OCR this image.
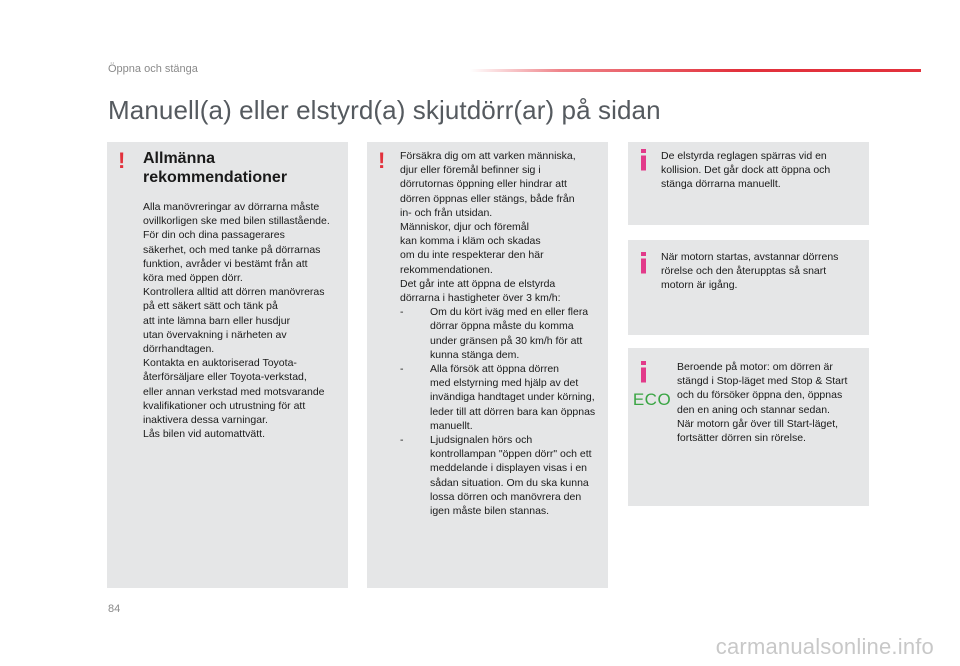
Öppna och stänga
Manuell(a) eller elstyrd(a) skjutdörr(ar) på sidan
! Allmänna
rekommendationer

Alla manövreringar av dörrarna måste

ovillkorligen ske med bilen stillastående.

För din och dina passagerares

säkerhet, och med tanke på dörrarnas

funktion, avråder vi bestämt från att

köra med öppen dörr.

Kontrollera alltid att dörren manövreras

på ett säkert sätt och tänk på

att inte lämna barn eller husdjur

utan övervakning i närheten av

dörrhandtagen.

Kontakta en auktoriserad Toyota-

återförsäljare eller Toyota-verkstad,

eller annan verkstad med motsvarande

kvalifikationer och utrustning för att

inaktivera dessa varningar.

Lås bilen vid automattvätt.

! Försäkra dig om att varken människa,

djur eller föremål befinner sig i

dörrutornas öppning eller hindrar att

dörren öppnas eller stängs, både från

in- och från utsidan.

Människor, djur och föremål

kan komma i kläm och skadas

om du inte respekterar den här

rekommendationen.

Det går inte att öppna de elstyrda

dörrarna i hastigheter över 3 km/h:

-	Om du kört iväg med en eller flera
dörrar öppna måste du komma
under gränsen på 30 km/h för att
kunna stänga dem.
-	Alla försök att öppna dörren
med elstyrning med hjälp av det
invändiga handtaget under körning,
leder till att dörren bara kan öppnas
manuellt.
-	Ljudsignalen hörs och
kontrollampan "öppen dörr" och ett
meddelande i displayen visas i en
sådan situation. Om du ska kunna
lossa dörren och manövrera den
igen måste bilen stannas.

De elstyrda reglagen spärras vid en

kollision. Det går dock att öppna och

stänga dörrarna manuellt.

När motorn startas, avstannar dörrens

rörelse och den återupptas så snart

motorn är igång.

ECO

Beroende på motor: om dörren är

stängd i Stop-läget med Stop & Start

och du försöker öppna den, öppnas

den en aning och stannar sedan.

När motorn går över till Start-läget,

fortsätter dörren sin rörelse.

84
carmanualsonline.info
